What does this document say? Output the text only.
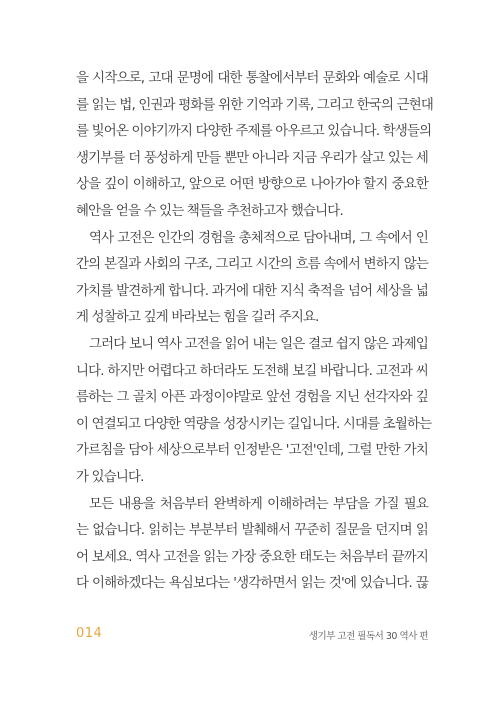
을 시작으로, 고대 문명에 대한 통찰에서부터 문화와 예술로 시대
를 읽는 법, 인권과 평화를 위한 기억과 기록, 그리고 한국의 근현대
를 빛어온 이야기까지 다양한 주제를 아우르고 있습니다. 학생들의
생기부를 더 풍성하게 만들 뿐만 아니라 지금 우리가 살고 있는 세
상을 깊이 이해하고, 앞으로 어떤 방향으로 나아가야 할지 중요한
혜안을 얻을 수 있는 책들을 추천하고자 했습니다.

역사 고전은 인간의 경험을 총체적으로 담아내며, 그 속에서 인
간의 본질과 사회의 구조, 그리고 시간의 흐름 속에서 변하지 않는
가치를 발견하게 합니다. 과거에 대한 지식 축적을 넘어 세상을 넓
게 성찰하고 깊게 바라보는 힘을 길러 주지요.

그러다 보니 역사 고전을 읽어 내는 일은 결코 쉽지 않은 과제입
니다. 하지만 어렵다고 하더라도 도전해 보길 바랍니다. 고전과 씨
름하는 그 골치 아픈 과정이야말로 앞선 경험을 지닌 선각자와 깊
이 연결되고 다양한 역량을 성장시키는 길입니다. 시대를 초월하는
가르침을 담아 세상으로부터 인정받은 '고전'인데, 그럴 만한 가치
가 있습니다.

모든 내용을 처음부터 완벽하게 이해하려는 부담을 가질 필요
는 없습니다. 읽히는 부분부터 발췌해서 꾸준히 질문을 던지며 읽
어 보세요. 역사 고전을 읽는 가장 중요한 태도는 처음부터 끝까지
다 이해하겠다는 욕심보다는 '생각하면서 읽는 것'에 있습니다. 끊

014	생기부 고전 필독서 30 역사 편
